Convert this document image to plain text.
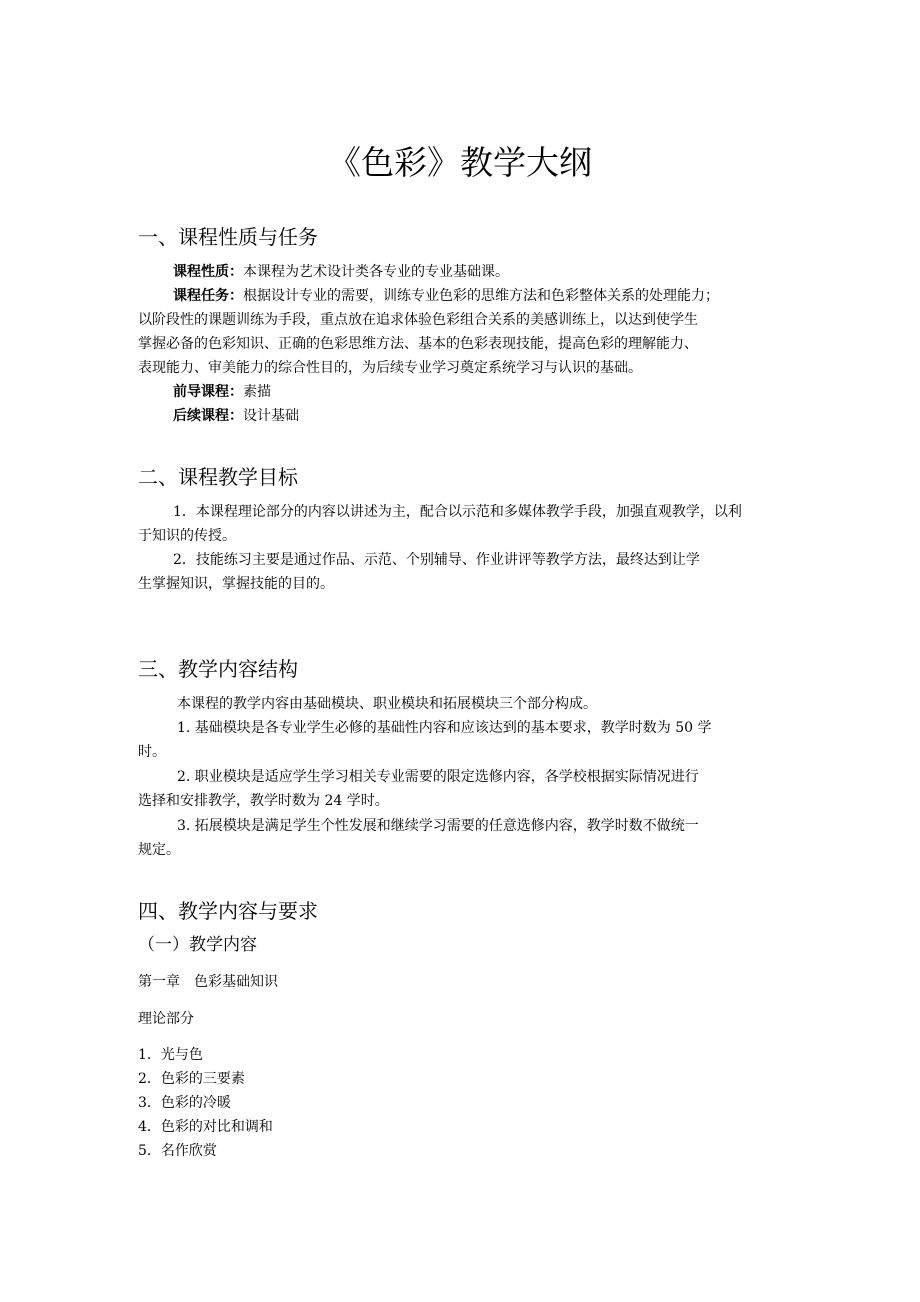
《色彩》教学大纲
一、课程性质与任务

课程性质：本课程为艺术设计类各专业的专业基础课。

课程任务：根据设计专业的需要，训练专业色彩的思维方法和色彩整体关系的处理能力；

以阶段性的课题训练为手段，重点放在追求体验色彩组合关系的美感训练上，以达到使学生

掌握必备的色彩知识、正确的色彩思维方法、基本的色彩表现技能，提高色彩的理解能力、

表现能力、审美能力的综合性目的，为后续专业学习奠定系统学习与认识的基础。

前导课程：素描

后续课程：设计基础

二、课程教学目标

1．本课程理论部分的内容以讲述为主，配合以示范和多媒体教学手段，加强直观教学，以利

于知识的传授。

2．技能练习主要是通过作品、示范、个别辅导、作业讲评等教学方法，最终达到让学

生掌握知识，掌握技能的目的。

三、教学内容结构

本课程的教学内容由基础模块、职业模块和拓展模块三个部分构成。

1. 基础模块是各专业学生必修的基础性内容和应该达到的基本要求，教学时数为 50 学

时。

2. 职业模块是适应学生学习相关专业需要的限定选修内容，各学校根据实际情况进行

选择和安排教学，教学时数为 24 学时。

3. 拓展模块是满足学生个性发展和继续学习需要的任意选修内容，教学时数不做统一

规定。

四、教学内容与要求
（一）教学内容

第一章　色彩基础知识

理论部分

1．光与色

2．色彩的三要素

3．色彩的冷暖

4．色彩的对比和调和

5．名作欣赏
